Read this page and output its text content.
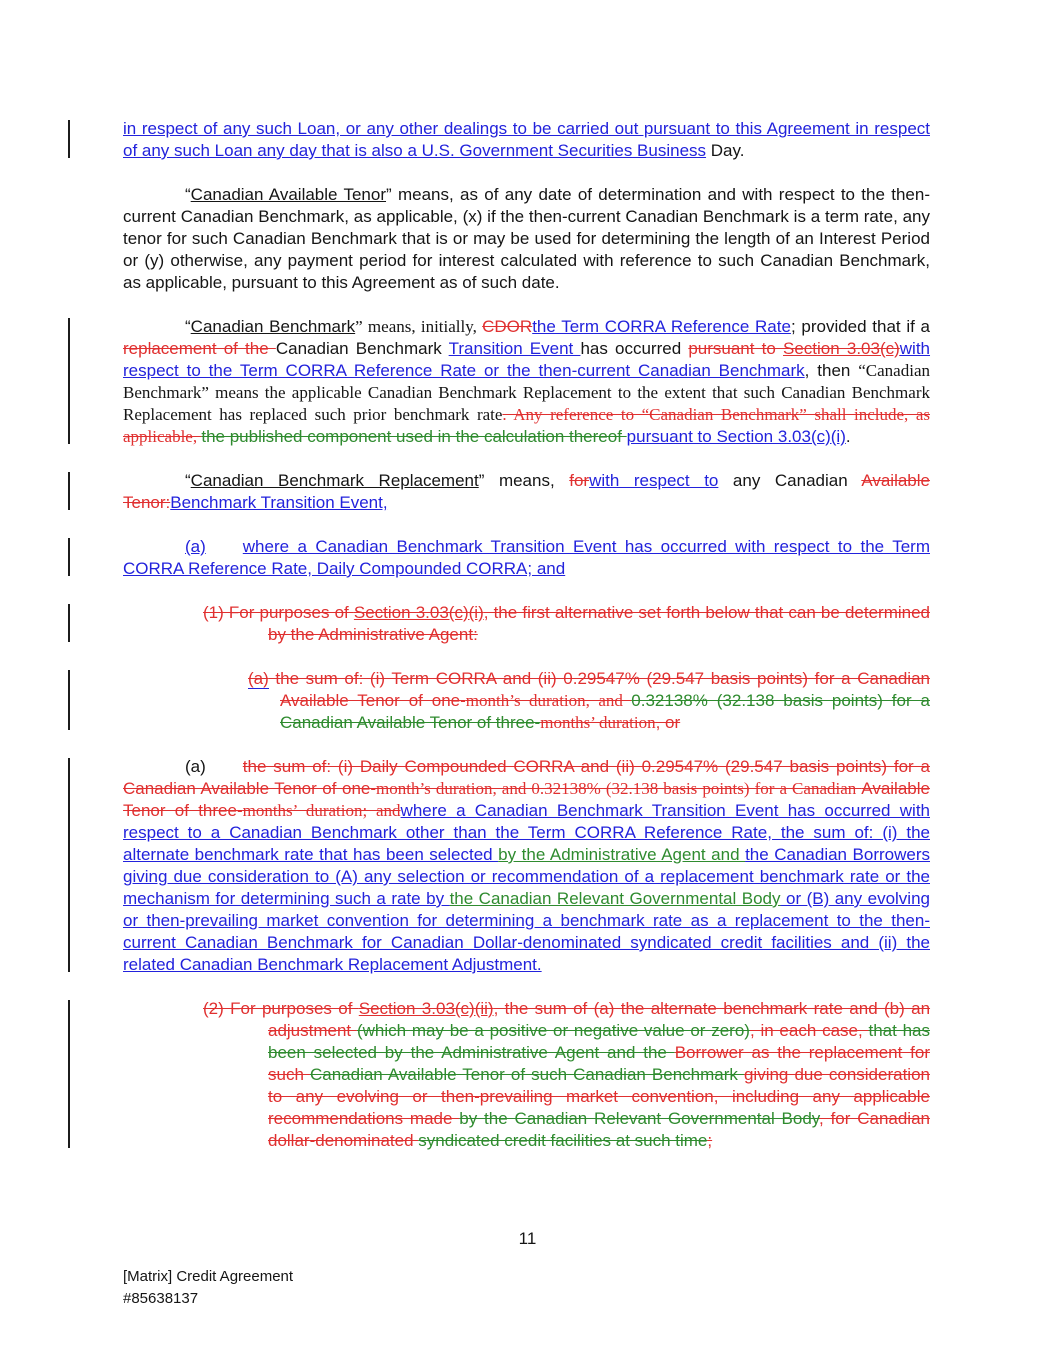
in respect of any such Loan, or any other dealings to be carried out pursuant to this Agreement in respect of any such Loan any day that is also a U.S. Government Securities Business Day.
“Canadian Available Tenor” means, as of any date of determination and with respect to the then-current Canadian Benchmark, as applicable, (x) if the then-current Canadian Benchmark is a term rate, any tenor for such Canadian Benchmark that is or may be used for determining the length of an Interest Period or (y) otherwise, any payment period for interest calculated with reference to such Canadian Benchmark, as applicable, pursuant to this Agreement as of such date.
“Canadian Benchmark” means, initially, CDORthe Term CORRA Reference Rate; provided that if a replacement of the Canadian Benchmark Transition Event has occurred pursuant to Section 3.03(c)with respect to the Term CORRA Reference Rate or the then-current Canadian Benchmark, then “Canadian Benchmark” means the applicable Canadian Benchmark Replacement to the extent that such Canadian Benchmark Replacement has replaced such prior benchmark rate. Any reference to “Canadian Benchmark” shall include, as applicable, the published component used in the calculation thereof pursuant to Section 3.03(c)(i).
“Canadian Benchmark Replacement” means, forwith respect to any Canadian Available Tenor:Benchmark Transition Event,
(a) where a Canadian Benchmark Transition Event has occurred with respect to the Term CORRA Reference Rate, Daily Compounded CORRA; and
(1) For purposes of Section 3.03(c)(i), the first alternative set forth below that can be determined by the Administrative Agent:
(a) the sum of: (i) Term CORRA and (ii) 0.29547% (29.547 basis points) for a Canadian Available Tenor of one-month’s duration, and 0.32138% (32.138 basis points) for a Canadian Available Tenor of three-months’ duration, or
(a) the sum of: (i) Daily Compounded CORRA and (ii) 0.29547% (29.547 basis points) for a Canadian Available Tenor of one-month’s duration, and 0.32138% (32.138 basis points) for a Canadian Available Tenor of three-months’ duration; andwhere a Canadian Benchmark Transition Event has occurred with respect to a Canadian Benchmark other than the Term CORRA Reference Rate, the sum of: (i) the alternate benchmark rate that has been selected by the Administrative Agent and the Canadian Borrowers giving due consideration to (A) any selection or recommendation of a replacement benchmark rate or the mechanism for determining such a rate by the Canadian Relevant Governmental Body or (B) any evolving or then-prevailing market convention for determining a benchmark rate as a replacement to the then-current Canadian Benchmark for Canadian Dollar-denominated syndicated credit facilities and (ii) the related Canadian Benchmark Replacement Adjustment.
(2) For purposes of Section 3.03(c)(ii), the sum of (a) the alternate benchmark rate and (b) an adjustment (which may be a positive or negative value or zero), in each case, that has been selected by the Administrative Agent and the Borrower as the replacement for such Canadian Available Tenor of such Canadian Benchmark giving due consideration to any evolving or then-prevailing market convention, including any applicable recommendations made by the Canadian Relevant Governmental Body, for Canadian dollar-denominated syndicated credit facilities at such time;
11
[Matrix] Credit Agreement
#85638137
